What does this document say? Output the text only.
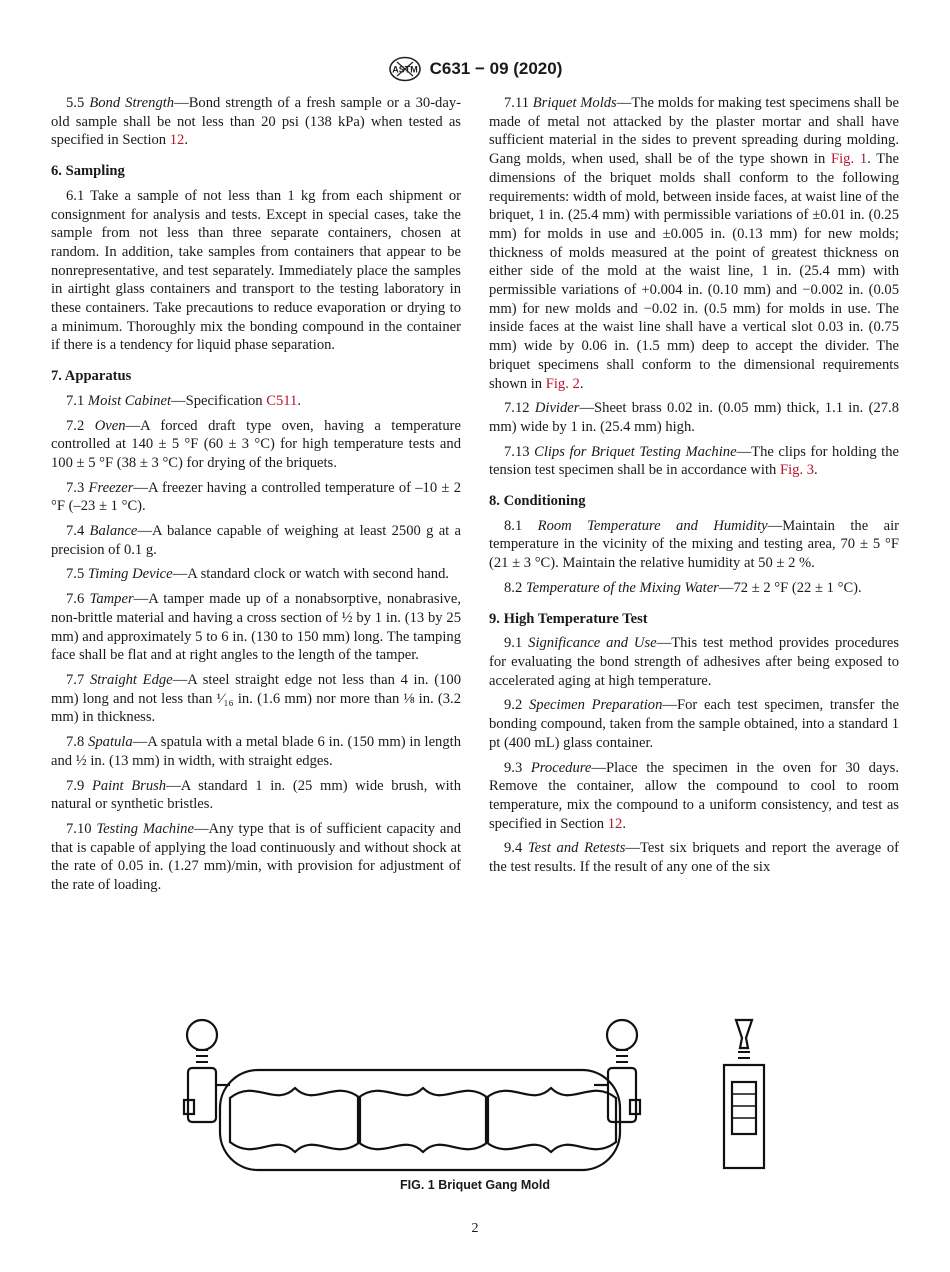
ASTM C631 − 09 (2020)

5.5 Bond Strength—Bond strength of a fresh sample or a 30-day-old sample shall be not less than 20 psi (138 kPa) when tested as specified in Section 12.

6. Sampling

6.1 Take a sample of not less than 1 kg from each shipment or consignment for analysis and tests. Except in special cases, take the sample from not less than three separate containers, chosen at random. In addition, take samples from containers that appear to be nonrepresentative, and test separately. Immediately place the samples in airtight glass containers and transport to the testing laboratory in these containers. Take precautions to reduce evaporation or drying to a minimum. Thoroughly mix the bonding compound in the container if there is a tendency for liquid phase separation.

7. Apparatus

7.1 Moist Cabinet—Specification C511.

7.2 Oven—A forced draft type oven, having a temperature controlled at 140 ± 5 °F (60 ± 3 °C) for high temperature tests and 100 ± 5 °F (38 ± 3 °C) for drying of the briquets.

7.3 Freezer—A freezer having a controlled temperature of –10 ± 2 °F (–23 ± 1 °C).

7.4 Balance—A balance capable of weighing at least 2500 g at a precision of 0.1 g.

7.5 Timing Device—A standard clock or watch with second hand.

7.6 Tamper—A tamper made up of a nonabsorptive, nonabrasive, non-brittle material and having a cross section of ½ by 1 in. (13 by 25 mm) and approximately 5 to 6 in. (130 to 150 mm) long. The tamping face shall be flat and at right angles to the length of the tamper.

7.7 Straight Edge—A steel straight edge not less than 4 in. (100 mm) long and not less than ¹⁄₁₆ in. (1.6 mm) nor more than ⅛ in. (3.2 mm) in thickness.

7.8 Spatula—A spatula with a metal blade 6 in. (150 mm) in length and ½ in. (13 mm) in width, with straight edges.

7.9 Paint Brush—A standard 1 in. (25 mm) wide brush, with natural or synthetic bristles.

7.10 Testing Machine—Any type that is of sufficient capacity and that is capable of applying the load continuously and without shock at the rate of 0.05 in. (1.27 mm)/min, with provision for adjustment of the rate of loading.

7.11 Briquet Molds—The molds for making test specimens shall be made of metal not attacked by the plaster mortar and shall have sufficient material in the sides to prevent spreading during molding. Gang molds, when used, shall be of the type shown in Fig. 1. The dimensions of the briquet molds shall conform to the following requirements: width of mold, between inside faces, at waist line of the briquet, 1 in. (25.4 mm) with permissible variations of ±0.01 in. (0.25 mm) for molds in use and ±0.005 in. (0.13 mm) for new molds; thickness of molds measured at the point of greatest thickness on either side of the mold at the waist line, 1 in. (25.4 mm) with permissible variations of +0.004 in. (0.10 mm) and −0.002 in. (0.05 mm) for new molds and −0.02 in. (0.5 mm) for molds in use. The inside faces at the waist line shall have a vertical slot 0.03 in. (0.75 mm) wide by 0.06 in. (1.5 mm) deep to accept the divider. The briquet specimens shall conform to the dimensional requirements shown in Fig. 2.

7.12 Divider—Sheet brass 0.02 in. (0.05 mm) thick, 1.1 in. (27.8 mm) wide by 1 in. (25.4 mm) high.

7.13 Clips for Briquet Testing Machine—The clips for holding the tension test specimen shall be in accordance with Fig. 3.

8. Conditioning

8.1 Room Temperature and Humidity—Maintain the air temperature in the vicinity of the mixing and testing area, 70 ± 5 °F (21 ± 3 °C). Maintain the relative humidity at 50 ± 2 %.

8.2 Temperature of the Mixing Water—72 ± 2 °F (22 ± 1 °C).

9. High Temperature Test

9.1 Significance and Use—This test method provides procedures for evaluating the bond strength of adhesives after being exposed to accelerated aging at high temperature.

9.2 Specimen Preparation—For each test specimen, transfer the bonding compound, taken from the sample obtained, into a standard 1 pt (400 mL) glass container.

9.3 Procedure—Place the specimen in the oven for 30 days. Remove the container, allow the compound to cool to room temperature, mix the compound to a uniform consistency, and test as specified in Section 12.

9.4 Test and Retests—Test six briquets and report the average of the test results. If the result of any one of the six

FIG. 1 Briquet Gang Mold
2
